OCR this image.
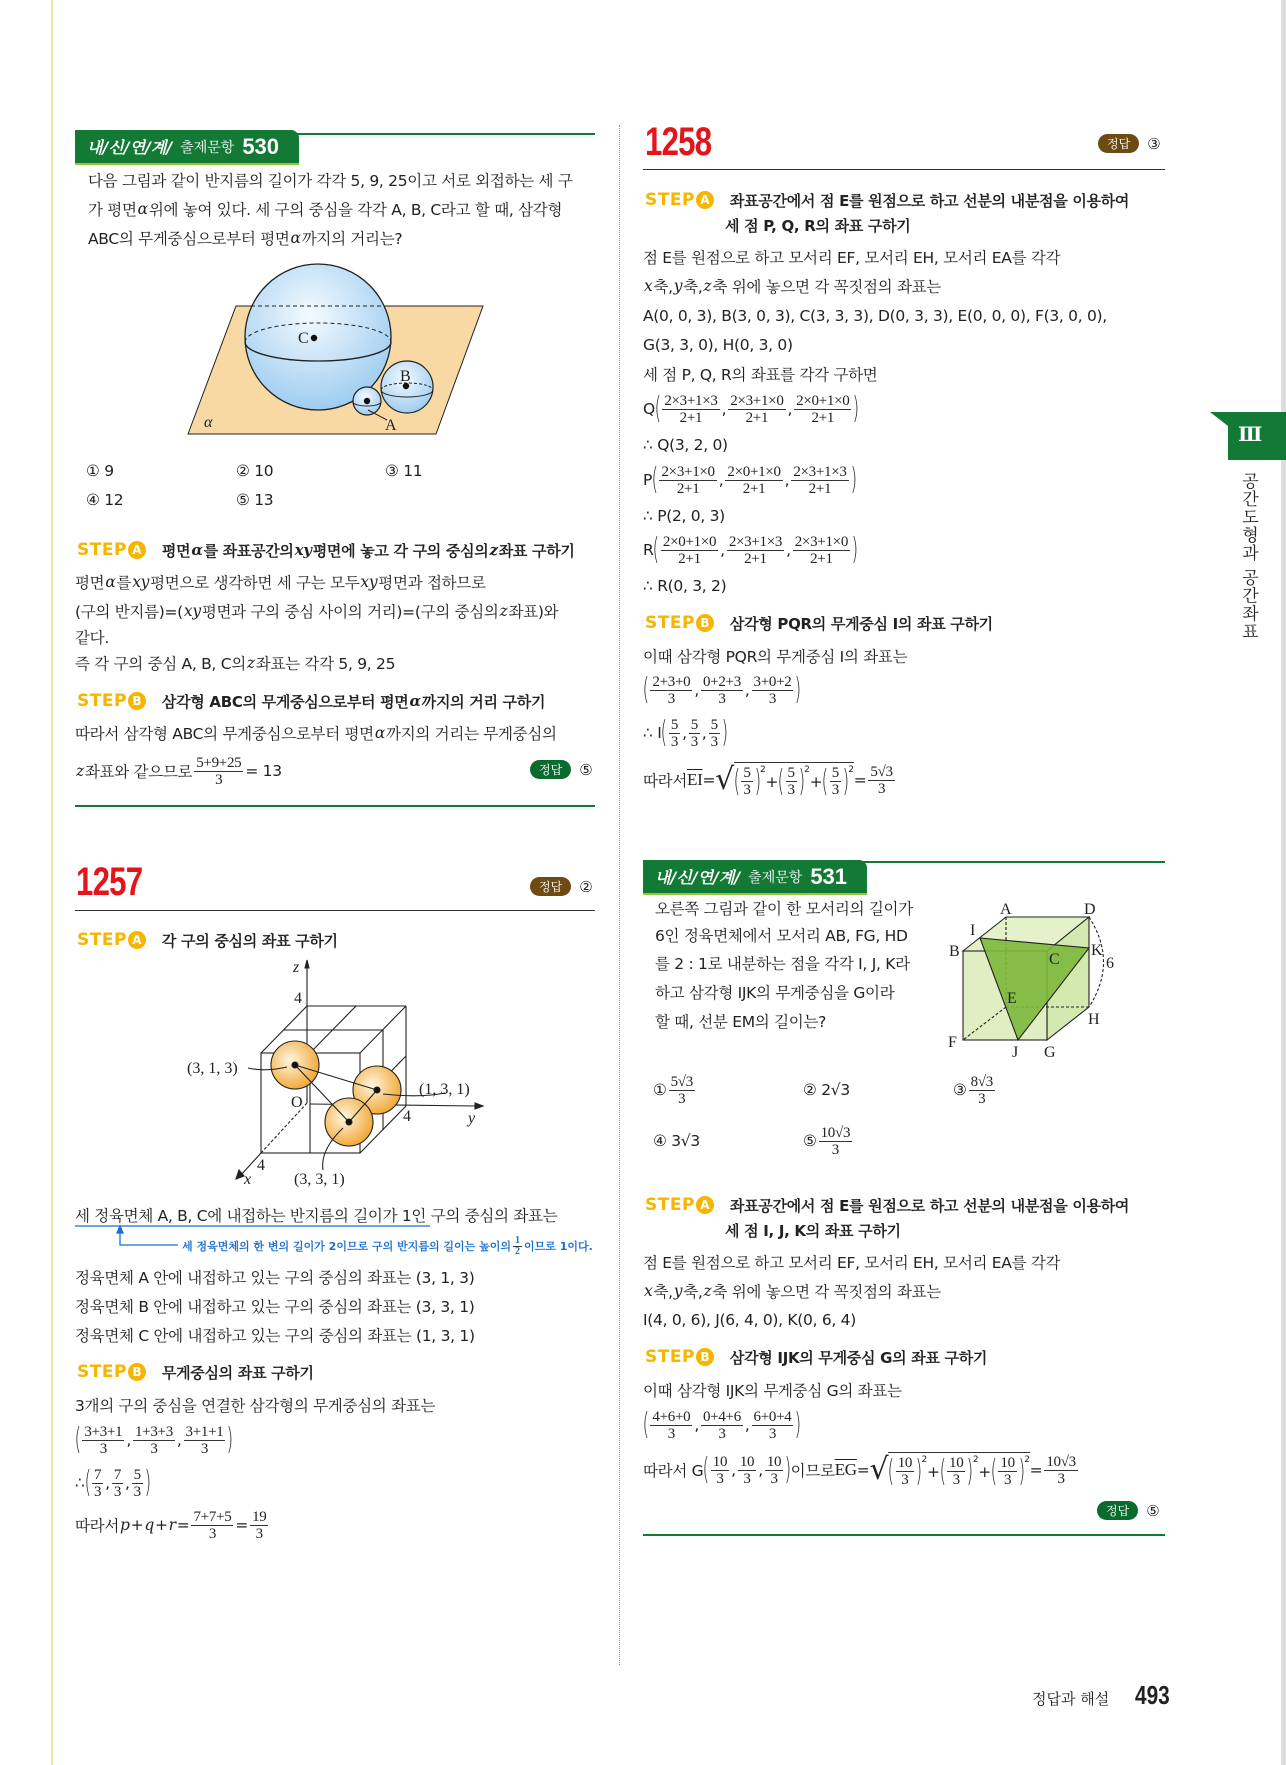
C
B
A
α
z
4
(3, 1, 3)
O
(1, 3, 1)
4	y
4
x	(3, 3, 1)
A	D
I
B	C
K
6
E
H
F
J G
내/신/연/계/ 출제문항 530
다음 그림과 같이 반지름의 길이가 각각 5, 9, 25이고 서로 외접하는 세 구
가 평면 α 위에 놓여 있다. 세 구의 중심을 각각 A, B, C라고 할 때, 삼각형
ABC의 무게중심으로부터 평면 α 까지의 거리는?
① 9	② 10	③ 11
④ 12	⑤ 13
STEP A 평면 α 를 좌표공간의 xy 평면에 놓고 각 구의 중심의 z 좌표 구하기
평면 α 를 xy 평면으로 생각하면 세 구는 모두 xy 평면과 접하므로
(구의 반지름)=( xy 평면과 구의 중심 사이의 거리)=(구의 중심의 z 좌표)와
같다.
즉 각 구의 중심 A, B, C의 z 좌표는 각각 5, 9, 25
STEP B 삼각형 ABC의 무게중심으로부터 평면 α 까지의 거리 구하기
따라서 삼각형 ABC의 무게중심으로부터 평면 α 까지의 거리는 무게중심의
z 좌표와 같으므로 $\frac{5+9+25}{3} = 13$	정답	⑤
1257	정답	②
STEP A 각 구의 중심의 좌표 구하기
세 정육면체 A, B, C에 내접하는 반지름의 길이가 1인 구의 중심의 좌표는
세 정육면체의 한 변의 길이가 2이므로 구의 반지름의 길이는 높이의 $\frac{1}{2}$ 이므로 1이다.
정육면체 A 안에 내접하고 있는 구의 중심의 좌표는 (3, 1, 3)
정육면체 B 안에 내접하고 있는 구의 중심의 좌표는 (3, 3, 1)
정육면체 C 안에 내접하고 있는 구의 중심의 좌표는 (1, 3, 1)
STEP B 무게중심의 좌표 구하기
3개의 구의 중심을 연결한 삼각형의 무게중심의 좌표는
( $\frac{3+3+1}{3}$ , $\frac{1+3+3}{3}$ , $\frac{3+1+1}{3}$ )
∴ ( $\frac{7}{3}$ , $\frac{7}{3}$ , $\frac{5}{3}$ )
따라서 $p + q + r = \frac{7+7+5}{3} = \frac{19}{3}$
1258	정답	③
STEP A 좌표공간에서 점 E를 원점으로 하고 선분의 내분점을 이용하여
세 점 P, Q, R의 좌표 구하기
점 E를 원점으로 하고 모서리 EF, 모서리 EH, 모서리 EA를 각각
x 축, y 축, z 축 위에 놓으면 각 꼭짓점의 좌표는
A(0, 0, 3), B(3, 0, 3), C(3, 3, 3), D(0, 3, 3), E(0, 0, 0), F(3, 0, 0),
G(3, 3, 0), H(0, 3, 0)
세 점 P, Q, R의 좌표를 각각 구하면
Q ( $\frac{2\times 3+1\times 3}{2+1}$ , $\frac{2\times 3+1\times 0}{2+1}$ , $\frac{2\times 0+1\times 0}{2+1}$ )
∴ Q(3, 2, 0)
P ( $\frac{2\times 3+1\times 0}{2+1}$ , $\frac{2\times 0+1\times 0}{2+1}$ , $\frac{2\times 3+1\times 3}{2+1}$ )
∴ P(2, 0, 3)
R ( $\frac{2\times 0+1\times 0}{2+1}$ , $\frac{2\times 3+1\times 3}{2+1}$ , $\frac{2\times 3+1\times 0}{2+1}$ )
∴ R(0, 3, 2)
STEP B 삼각형 PQR의 무게중심 I의 좌표 구하기
이때 삼각형 PQR의 무게중심 I의 좌표는
( $\frac{2+3+0}{3}$ , $\frac{0+2+3}{3}$ , $\frac{3+0+2}{3}$ )
∴ I ( $\frac{5}{3}$ , $\frac{5}{3}$ , $\frac{5}{3}$ )
따라서 $\overline{EI}$ = √ ( $\frac{5}{3}$ ) 2
+ ( $\frac{5}{3}$ ) 2
+ ( $\frac{5}{3}$ ) 2
= $\frac{5√3}{3}$
내/신/연/계/ 출제문항 531
오른쪽 그림과 같이 한 모서리의 길이가
6인 정육면체에서 모서리 AB, FG, HD
를 2 : 1로 내분하는 점을 각각 I, J, K라
하고 삼각형 IJK의 무게중심을 G이라
할 때, 선분 EM의 길이는?
① $\frac{5√3}{3}$	② 2√3	③ $\frac{8√3}{3}$
④ 3√3	⑤ $\frac{10√3}{3}$
STEP A 좌표공간에서 점 E를 원점으로 하고 선분의 내분점을 이용하여
세 점 I, J, K의 좌표 구하기
점 E를 원점으로 하고 모서리 EF, 모서리 EH, 모서리 EA를 각각
x 축, y 축, z 축 위에 놓으면 각 꼭짓점의 좌표는
I(4, 0, 6), J(6, 4, 0), K(0, 6, 4)
STEP B 삼각형 IJK의 무게중심 G의 좌표 구하기
이때 삼각형 IJK의 무게중심 G의 좌표는
( $\frac{4+6+0}{3}$ , $\frac{0+4+6}{3}$ , $\frac{6+0+4}{3}$ )
따라서 G ( $\frac{10}{3}$ , $\frac{10}{3}$ , $\frac{10}{3}$ ) 이므로 $\overline{EG}$ = √ ( $\frac{10}{3}$ ) 2
+ ( $\frac{10}{3}$ ) 2
+ ( $\frac{10}{3}$ ) 2
= $\frac{10√3}{3}$
정답	⑤
Ⅲ
공간도형과 공간좌표
정답과 해설 493
